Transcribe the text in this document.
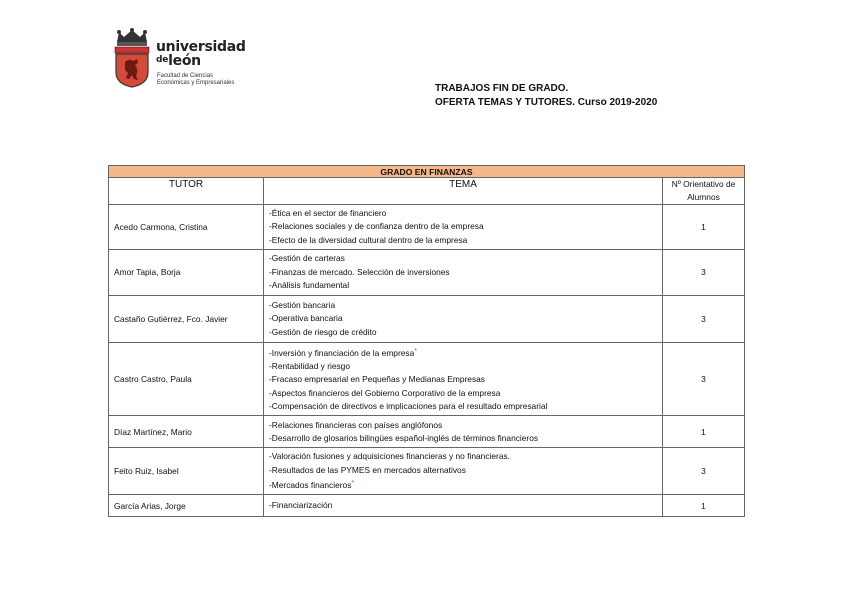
universidad
$^{de}$león
Facultad de Ciencias
Económicas y Empresariales	TRABAJOS FIN DE GRADO.
OFERTA TEMAS Y TUTORES. Curso 2019-2020
GRADO EN FINANZAS		
TUTOR	TEMA	Nº Orientativo de Alumnos
Acedo Carmona, Cristina	-Ética en el sector de financiero
-Relaciones sociales y de confianza dentro de la empresa
-Efecto de la diversidad cultural dentro de la empresa	1
Amor Tapia, Borja	-Gestión de carteras
-Finanzas de mercado. Selección de inversiones
-Análisis fundamental	3
Castaño Gutiérrez, Fco. Javier	-Gestión bancaria
-Operativa bancaria
-Gestión de riesgo de crédito	3
Castro Castro, Paula	-Inversión y financiación de la empresa*
-Rentabilidad y riesgo
-Fracaso empresarial en Pequeñas y Medianas Empresas
-Aspectos financieros del Gobierno Corporativo de la empresa
-Compensación de directivos e implicaciones para el resultado empresarial	3
Díaz Martínez, Mario	-Relaciones financieras con países anglófonos
-Desarrollo de glosarios bilingües español-inglés de términos financieros	1
Feito Ruiz, Isabel	-Valoración fusiones y adquisiciones financieras y no financieras.
-Resultados de las PYMES en mercados alternativos
-Mercados financieros*	3
García Arias, Jorge	-Financiarización	1
